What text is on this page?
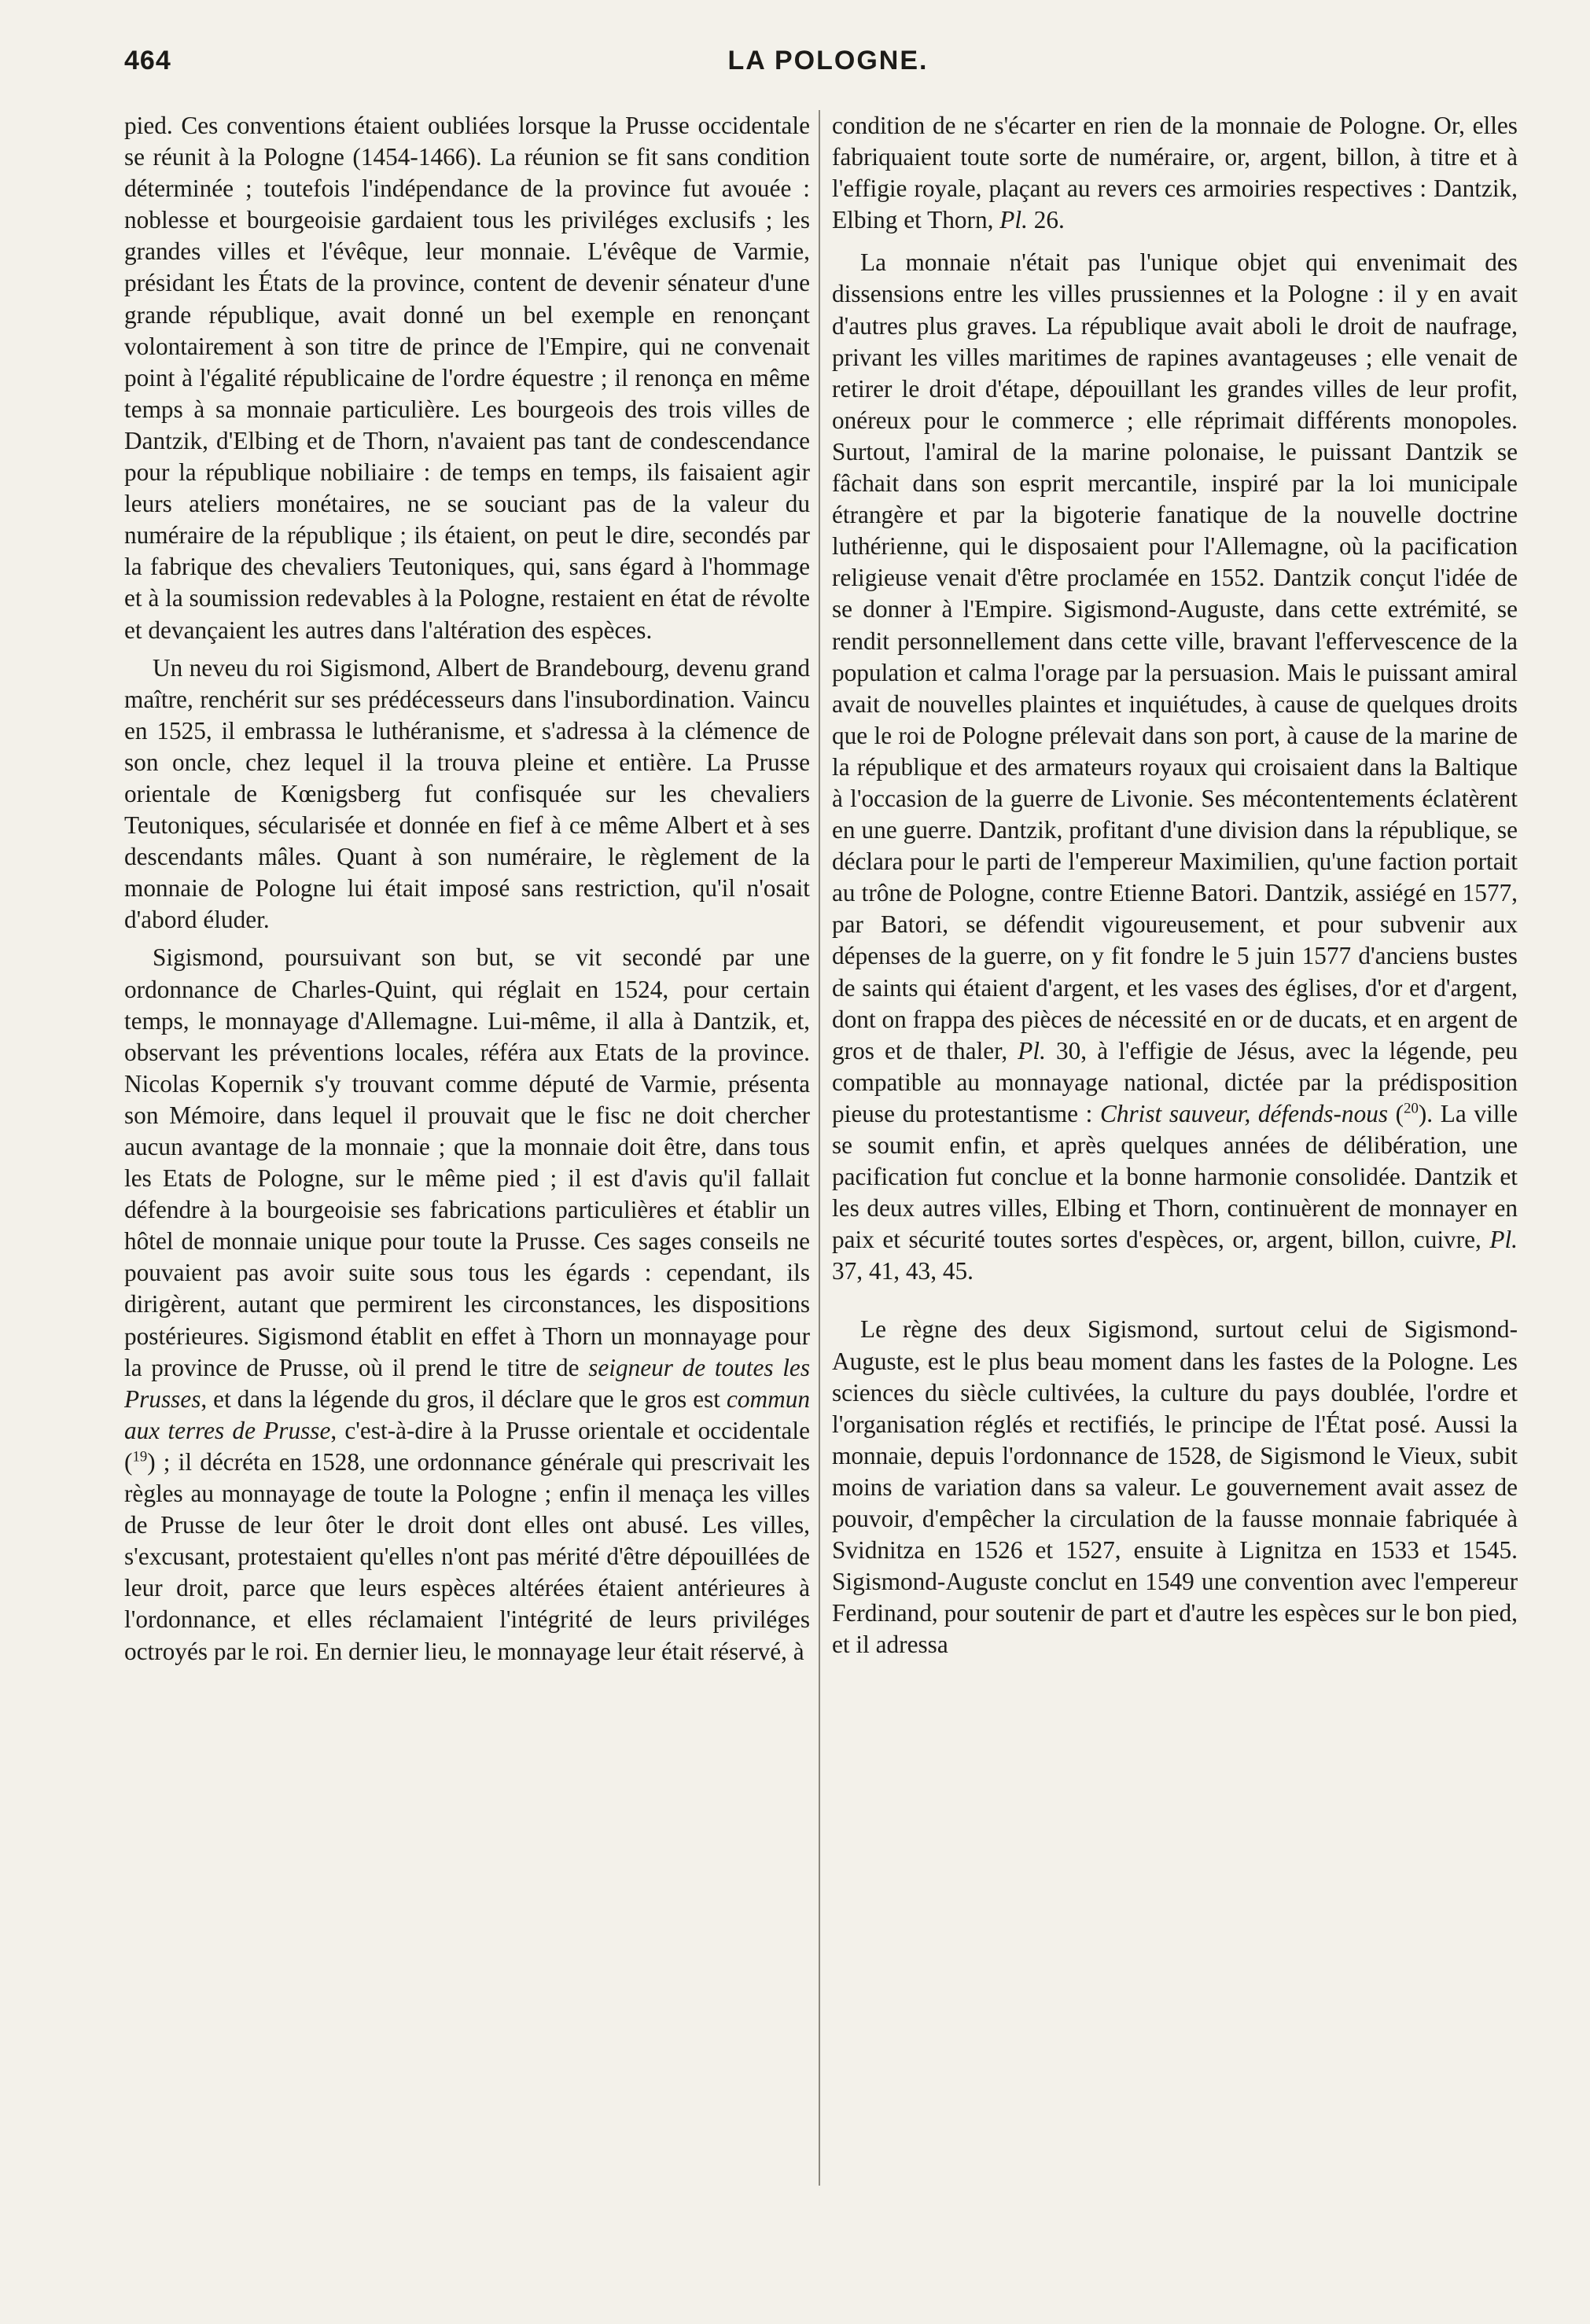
464	LA POLOGNE.

pied. Ces conventions étaient oubliées lorsque la Prusse occidentale se réunit à la Pologne (1454-1466). La réunion se fit sans condition déterminée ; toutefois l'indépendance de la province fut avouée : noblesse et bourgeoisie gardaient tous les priviléges exclusifs ; les grandes villes et l'évêque, leur monnaie. L'évêque de Varmie, présidant les États de la province, content de devenir sénateur d'une grande république, avait donné un bel exemple en renonçant volontairement à son titre de prince de l'Empire, qui ne convenait point à l'égalité républicaine de l'ordre équestre ; il renonça en même temps à sa monnaie particulière. Les bourgeois des trois villes de Dantzik, d'Elbing et de Thorn, n'avaient pas tant de condescendance pour la république nobiliaire : de temps en temps, ils faisaient agir leurs ateliers monétaires, ne se souciant pas de la valeur du numéraire de la république ; ils étaient, on peut le dire, secondés par la fabrique des chevaliers Teutoniques, qui, sans égard à l'hommage et à la soumission redevables à la Pologne, restaient en état de révolte et devançaient les autres dans l'altération des espèces.

Un neveu du roi Sigismond, Albert de Brandebourg, devenu grand maître, renchérit sur ses prédécesseurs dans l'insubordination. Vaincu en 1525, il embrassa le luthéranisme, et s'adressa à la clémence de son oncle, chez lequel il la trouva pleine et entière. La Prusse orientale de Kœnigsberg fut confisquée sur les chevaliers Teutoniques, sécularisée et donnée en fief à ce même Albert et à ses descendants mâles. Quant à son numéraire, le règlement de la monnaie de Pologne lui était imposé sans restriction, qu'il n'osait d'abord éluder.

Sigismond, poursuivant son but, se vit secondé par une ordonnance de Charles-Quint, qui réglait en 1524, pour certain temps, le monnayage d'Allemagne. Lui-même, il alla à Dantzik, et, observant les préventions locales, référa aux Etats de la province. Nicolas Kopernik s'y trouvant comme député de Varmie, présenta son Mémoire, dans lequel il prouvait que le fisc ne doit chercher aucun avantage de la monnaie ; que la monnaie doit être, dans tous les Etats de Pologne, sur le même pied ; il est d'avis qu'il fallait défendre à la bourgeoisie ses fabrications particulières et établir un hôtel de monnaie unique pour toute la Prusse. Ces sages conseils ne pouvaient pas avoir suite sous tous les égards : cependant, ils dirigèrent, autant que permirent les circonstances, les dispositions postérieures. Sigismond établit en effet à Thorn un monnayage pour la province de Prusse, où il prend le titre de seigneur de toutes les Prusses, et dans la légende du gros, il déclare que le gros est commun aux terres de Prusse, c'est-à-dire à la Prusse orientale et occidentale ($^{19}$) ; il décréta en 1528, une ordonnance générale qui prescrivait les règles au monnayage de toute la Pologne ; enfin il menaça les villes de Prusse de leur ôter le droit dont elles ont abusé. Les villes, s'excusant, protestaient qu'elles n'ont pas mérité d'être dépouillées de leur droit, parce que leurs espèces altérées étaient antérieures à l'ordonnance, et elles réclamaient l'intégrité de leurs priviléges octroyés par le roi. En dernier lieu, le monnayage leur était réservé, à

condition de ne s'écarter en rien de la monnaie de Pologne. Or, elles fabriquaient toute sorte de numéraire, or, argent, billon, à titre et à l'effigie royale, plaçant au revers ces armoiries respectives : Dantzik, Elbing et Thorn, Pl. 26.

La monnaie n'était pas l'unique objet qui envenimait des dissensions entre les villes prussiennes et la Pologne : il y en avait d'autres plus graves. La république avait aboli le droit de naufrage, privant les villes maritimes de rapines avantageuses ; elle venait de retirer le droit d'étape, dépouillant les grandes villes de leur profit, onéreux pour le commerce ; elle réprimait différents monopoles. Surtout, l'amiral de la marine polonaise, le puissant Dantzik se fâchait dans son esprit mercantile, inspiré par la loi municipale étrangère et par la bigoterie fanatique de la nouvelle doctrine luthérienne, qui le disposaient pour l'Allemagne, où la pacification religieuse venait d'être proclamée en 1552. Dantzik conçut l'idée de se donner à l'Empire. Sigismond-Auguste, dans cette extrémité, se rendit personnellement dans cette ville, bravant l'effervescence de la population et calma l'orage par la persuasion. Mais le puissant amiral avait de nouvelles plaintes et inquiétudes, à cause de quelques droits que le roi de Pologne prélevait dans son port, à cause de la marine de la république et des armateurs royaux qui croisaient dans la Baltique à l'occasion de la guerre de Livonie. Ses mécontentements éclatèrent en une guerre. Dantzik, profitant d'une division dans la république, se déclara pour le parti de l'empereur Maximilien, qu'une faction portait au trône de Pologne, contre Etienne Batori. Dantzik, assiégé en 1577, par Batori, se défendit vigoureusement, et pour subvenir aux dépenses de la guerre, on y fit fondre le 5 juin 1577 d'anciens bustes de saints qui étaient d'argent, et les vases des églises, d'or et d'argent, dont on frappa des pièces de nécessité en or de ducats, et en argent de gros et de thaler, Pl. 30, à l'effigie de Jésus, avec la légende, peu compatible au monnayage national, dictée par la prédisposition pieuse du protestantisme : Christ sauveur, défends-nous ($^{20}$). La ville se soumit enfin, et après quelques années de délibération, une pacification fut conclue et la bonne harmonie consolidée. Dantzik et les deux autres villes, Elbing et Thorn, continuèrent de monnayer en paix et sécurité toutes sortes d'espèces, or, argent, billon, cuivre, Pl. 37, 41, 43, 45.

Le règne des deux Sigismond, surtout celui de Sigismond-Auguste, est le plus beau moment dans les fastes de la Pologne. Les sciences du siècle cultivées, la culture du pays doublée, l'ordre et l'organisation réglés et rectifiés, le principe de l'État posé. Aussi la monnaie, depuis l'ordonnance de 1528, de Sigismond le Vieux, subit moins de variation dans sa valeur. Le gouvernement avait assez de pouvoir, d'empêcher la circulation de la fausse monnaie fabriquée à Svidnitza en 1526 et 1527, ensuite à Lignitza en 1533 et 1545. Sigismond-Auguste conclut en 1549 une convention avec l'empereur Ferdinand, pour soutenir de part et d'autre les espèces sur le bon pied, et il adressa
